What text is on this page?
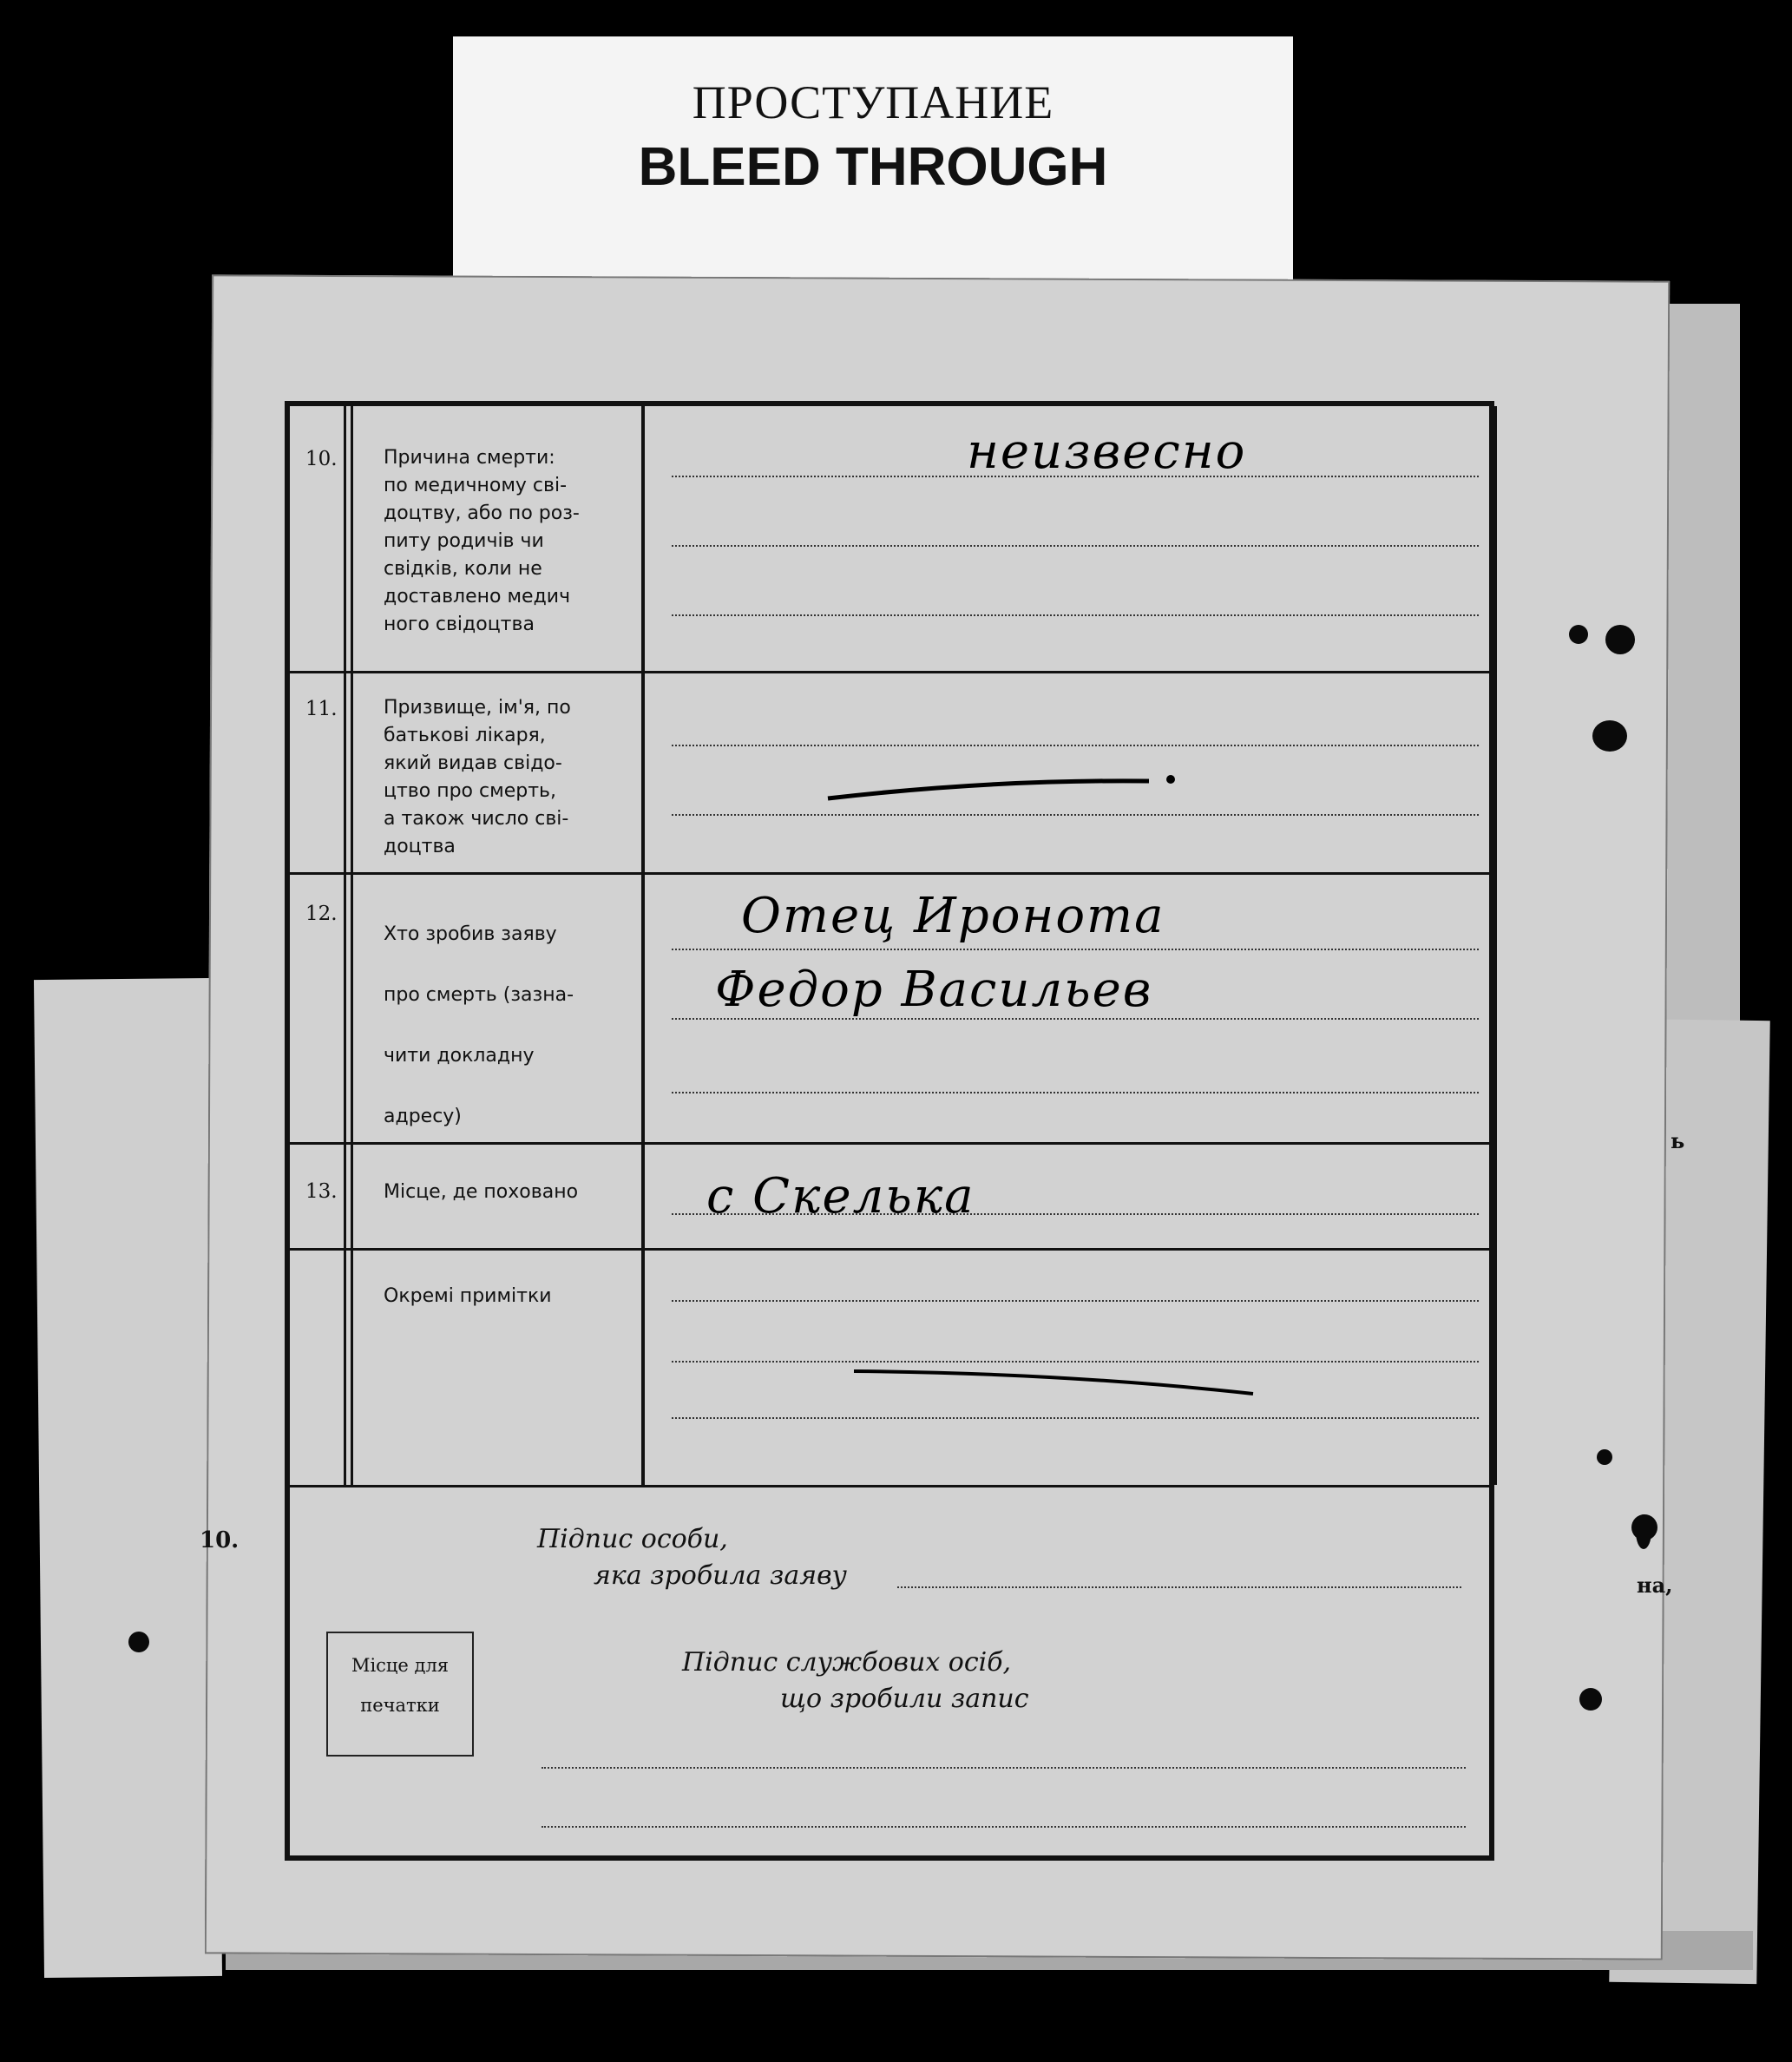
ПРОСТУПАНИЕ
BLEED THROUGH
10.
ь
на,
10. Причина смерти:
по медичному сві-
доцтву, або по роз-
питу родичів чи
свідків, коли не
доставлено медич
ного свідоцтва
неизвесно
11. Призвище, ім'я, по
батькові лікаря,
який видав свідо-
цтво про смерть,
а також число сві-
доцтва
12.
Хто зробив заяву
про смерть (зазна-
чити докладну
адресу)
Отец Иронота
Федор Васильев
13. Місце, де поховано	с Скелька
Окремі примітки
Підпис особи,
яка зробила заяву
Підпис службових осіб,
що зробили запис
Місце для
печатки
